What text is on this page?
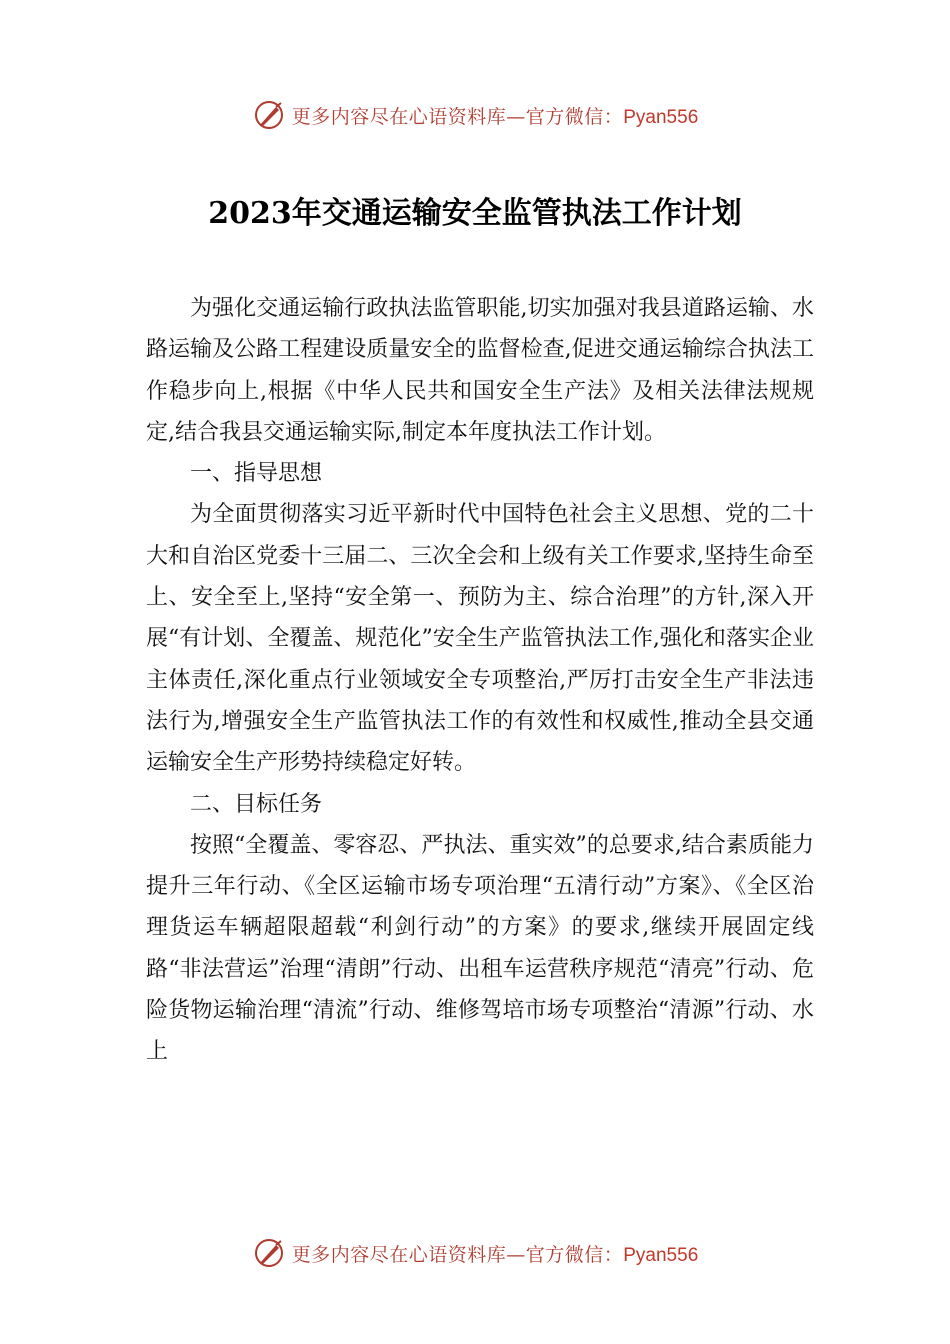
更多内容尽在心语资料库—官方微信：Pyan556
2023年交通运输安全监管执法工作计划

为强化交通运输行政执法监管职能,切实加强对我县道路运输、水路运输及公路工程建设质量安全的监督检查,促进交通运输综合执法工作稳步向上,根据《中华人民共和国安全生产法》及相关法律法规规定,结合我县交通运输实际,制定本年度执法工作计划。

一、指导思想

为全面贯彻落实习近平新时代中国特色社会主义思想、党的二十大和自治区党委十三届二、三次全会和上级有关工作要求,坚持生命至上、安全至上,坚持“安全第一、预防为主、综合治理”的方针,深入开展“有计划、全覆盖、规范化”安全生产监管执法工作,强化和落实企业主体责任,深化重点行业领域安全专项整治,严厉打击安全生产非法违法行为,增强安全生产监管执法工作的有效性和权威性,推动全县交通运输安全生产形势持续稳定好转。

二、目标任务

按照“全覆盖、零容忍、严执法、重实效”的总要求,结合素质能力提升三年行动、《全区运输市场专项治理“五清行动”方案》、《全区治理货运车辆超限超载“利剑行动”的方案》的要求,继续开展固定线路“非法营运”治理“清朗”行动、出租车运营秩序规范“清亮”行动、危险货物运输治理“清流”行动、维修驾培市场专项整治“清源”行动、水上

更多内容尽在心语资料库—官方微信：Pyan556
